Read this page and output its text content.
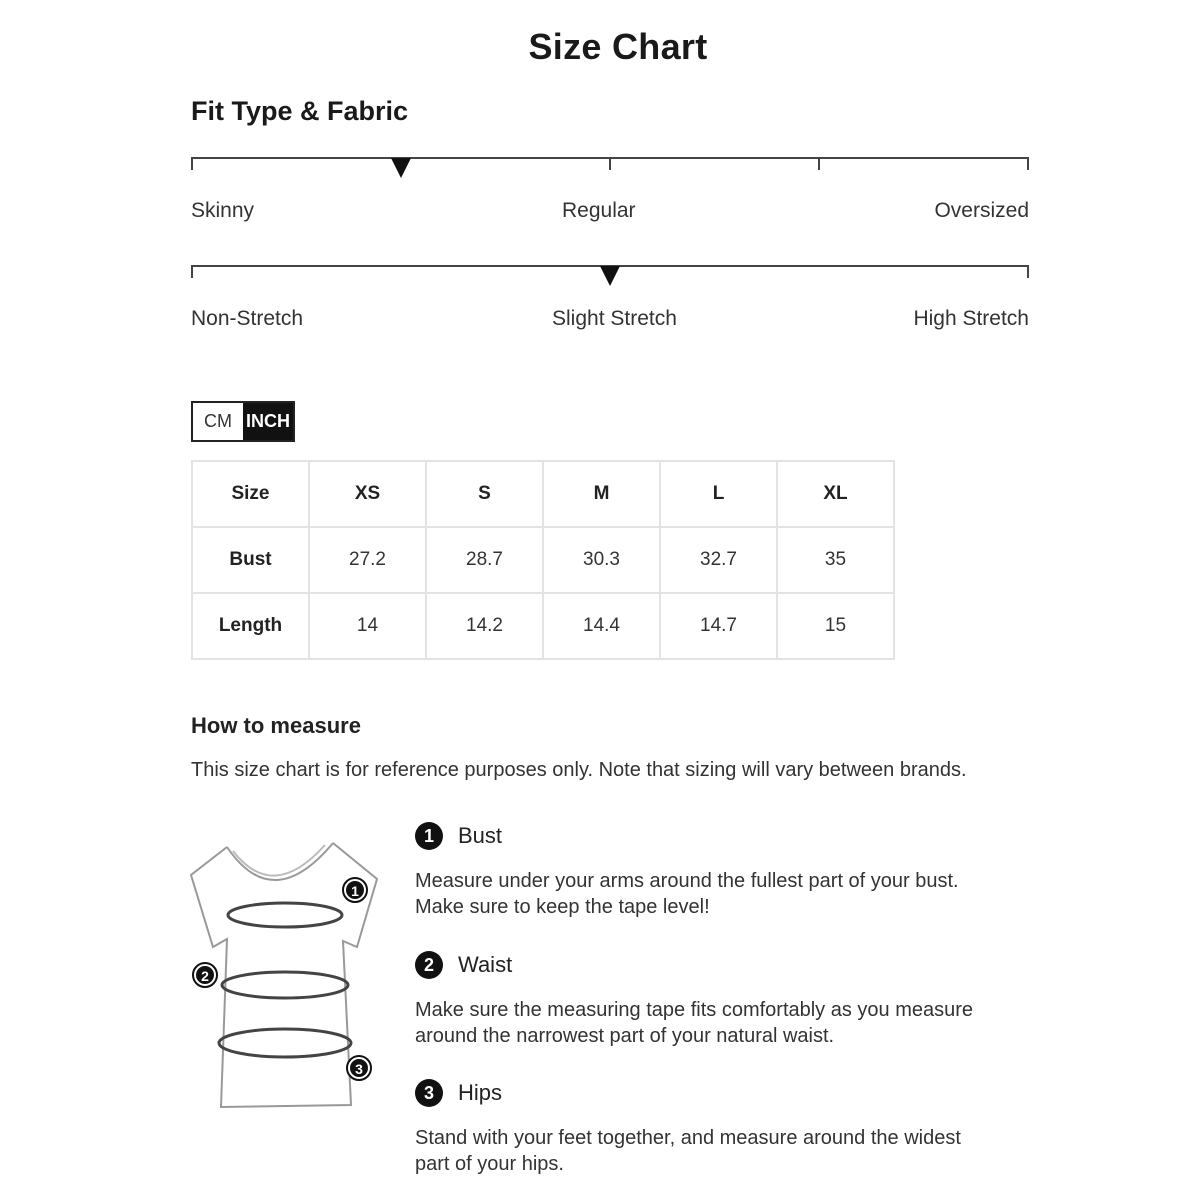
Size Chart
Fit Type & Fabric
Skinny	Regular	Oversized
Non-Stretch	Slight Stretch	High Stretch
CM INCH
Size	XS	S	M	L	XL
Bust	27.2	28.7	30.3	32.7	35
Length	14	14.2	14.4	14.7	15
How to measure
This size chart is for reference purposes only. Note that sizing will vary between brands.
1
2
3
1	Bust
Measure under your arms around the fullest part of your bust. Make sure to keep the tape level!
2	Waist
Make sure the measuring tape fits comfortably as you measure around the narrowest part of your natural waist.
3	Hips
Stand with your feet together, and measure around the widest part of your hips.
